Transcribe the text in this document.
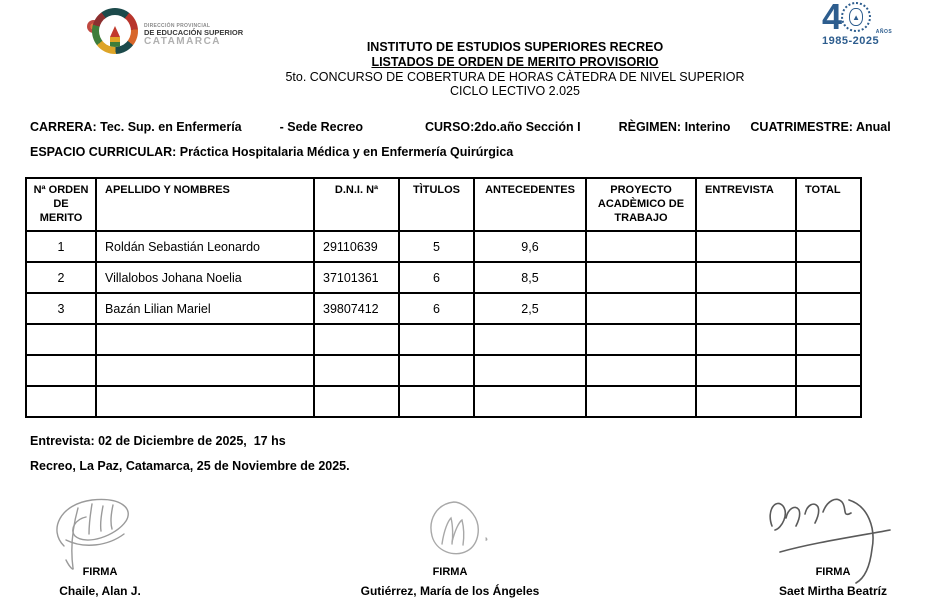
DIRECCIÓN PROVINCIAL
DE EDUCACIÓN SUPERIOR
CATAMARCA
4	▲
AÑOS
1985-2025
INSTITUTO DE ESTUDIOS SUPERIORES RECREO
LISTADOS DE ORDEN DE MERITO PROVISORIO
5to. CONCURSO DE COBERTURA DE HORAS CÀTEDRA DE NIVEL SUPERIOR
CICLO LECTIVO 2.025
CARRERA: Tec. Sup. en Enfermería	- Sede Recreo	CURSO:2do.año Sección I	RÈGIMEN: Interino CUATRIMESTRE: Anual
ESPACIO CURRICULAR: Práctica Hospitalaria Médica y en Enfermería Quirúrgica
Nª ORDEN DE MERITO	APELLIDO Y NOMBRES	D.N.I. Nª	TÌTULOS	ANTECEDENTES	PROYECTO ACADÈMICO DE TRABAJO	ENTREVISTA	TOTAL
1	Roldán Sebastián Leonardo	29110639	5	9,6			
2	Villalobos Johana Noelia	37101361	6	8,5			
3	Bazán Lilian Mariel	39807412	6	2,5			

Entrevista: 02 de Diciembre de 2025,  17 hs
Recreo, La Paz, Catamarca, 25 de Noviembre de 2025.
FIRMA
Chaile, Alan J.
FIRMA
Gutiérrez, María de los Ángeles
FIRMA
Saet Mirtha Beatríz
